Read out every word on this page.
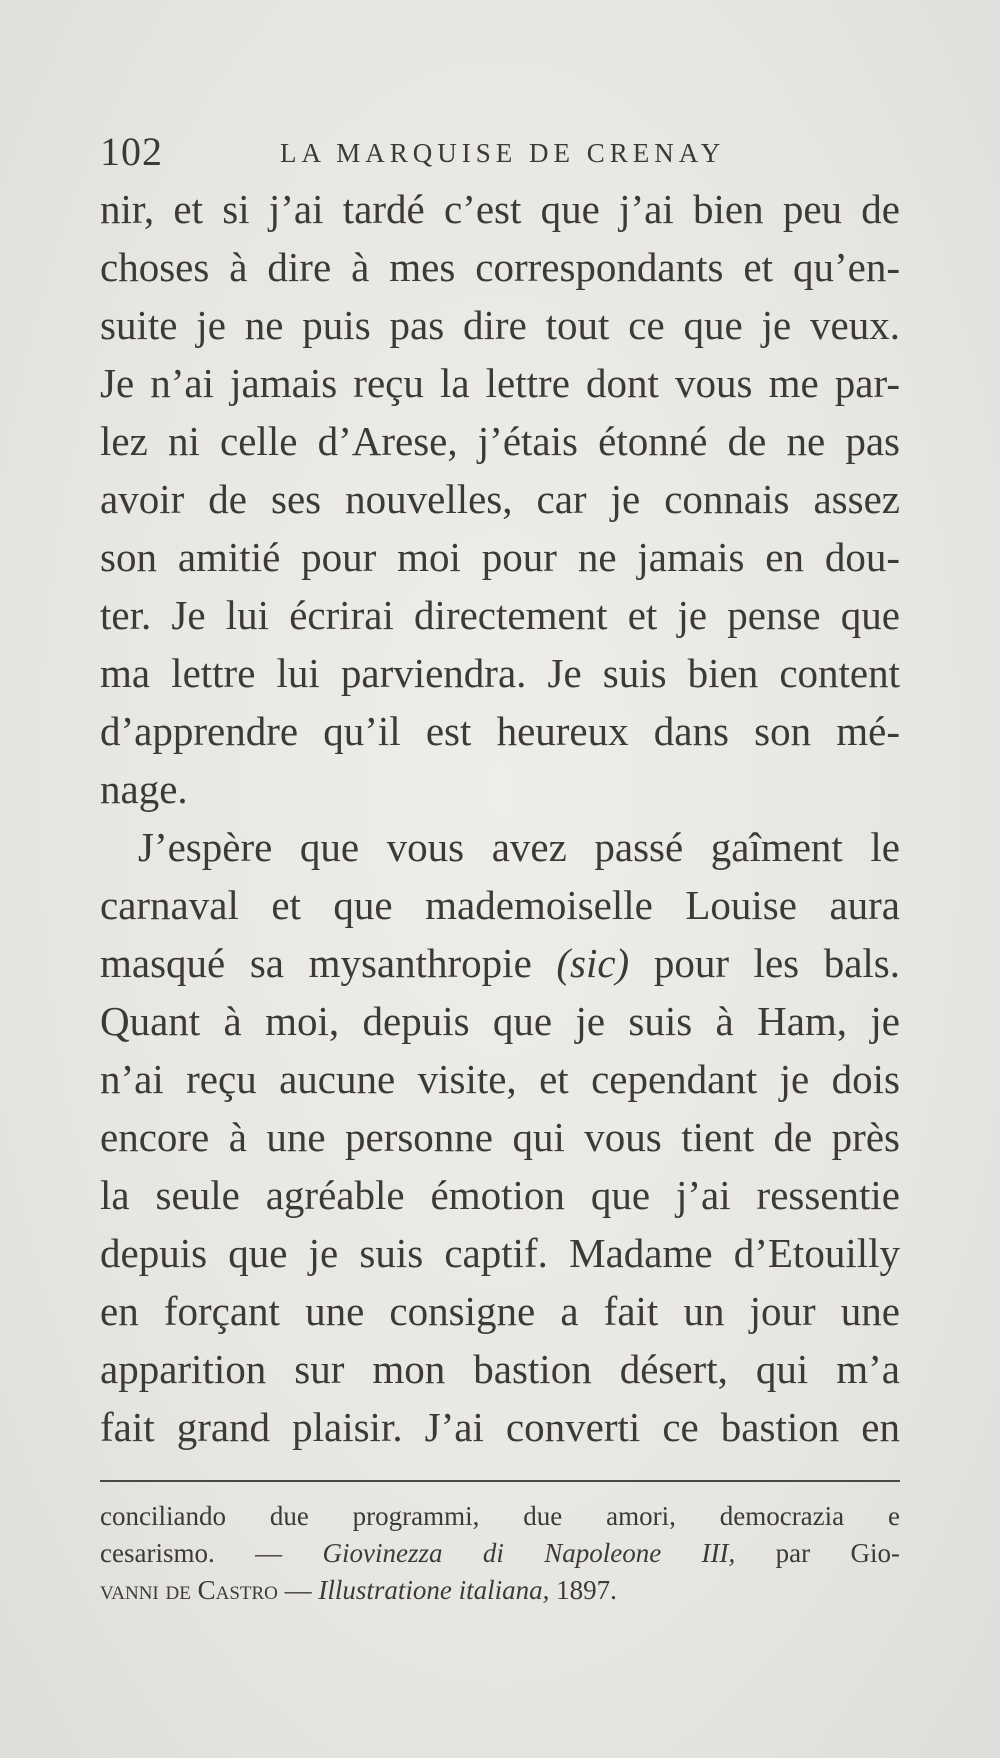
102	LA MARQUISE DE CRENAY
nir, et si j’ai tardé c’est que j’ai bien peu de
choses à dire à mes correspondants et qu’en-
suite je ne puis pas dire tout ce que je veux.
Je n’ai jamais reçu la lettre dont vous me par-
lez ni celle d’Arese, j’étais étonné de ne pas
avoir de ses nouvelles, car je connais assez
son amitié pour moi pour ne jamais en dou-
ter. Je lui écrirai directement et je pense que
ma lettre lui parviendra. Je suis bien content
d’apprendre qu’il est heureux dans son mé-
nage.
J’espère que vous avez passé gaîment le
carnaval et que mademoiselle Louise aura
masqué sa mysanthropie (sic) pour les bals.
Quant à moi, depuis que je suis à Ham, je
n’ai reçu aucune visite, et cependant je dois
encore à une personne qui vous tient de près
la seule agréable émotion que j’ai ressentie
depuis que je suis captif. Madame d’Etouilly
en forçant une consigne a fait un jour une
apparition sur mon bastion désert, qui m’a
fait grand plaisir. J’ai converti ce bastion en
conciliando due programmi, due amori, democrazia e
cesarismo. — Giovinezza di Napoleone III, par Gio-
vanni de Castro — Illustratione italiana, 1897.
